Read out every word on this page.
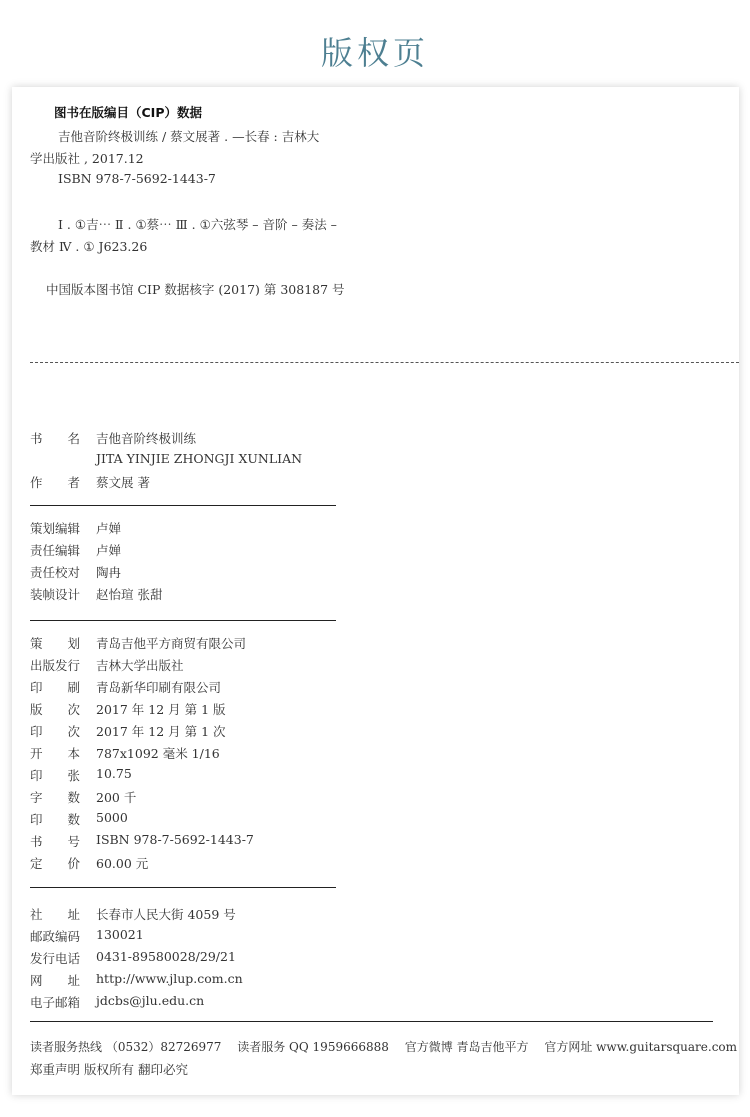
版权页
图书在版编目（CIP）数据
吉他音阶终极训练 / 蔡文展著 . —长春 : 吉林大
学出版社 , 2017.12
ISBN 978-7-5692-1443-7
Ⅰ . ①吉⋯ Ⅱ . ①蔡⋯ Ⅲ . ①六弦琴 – 音阶 – 奏法 –
教材 Ⅳ . ① J623.26
中国版本图书馆 CIP 数据核字 (2017) 第 308187 号
书　　名 吉他音阶终极训练
JITA YINJIE ZHONGJI XUNLIAN
作　　者 蔡文展 著
策划编辑 卢婵
责任编辑 卢婵
责任校对 陶冉
装帧设计 赵怡瑄 张甜
策　　划 青岛吉他平方商贸有限公司
出版发行 吉林大学出版社
印　　刷 青岛新华印刷有限公司
版　　次 2017 年 12 月 第 1 版
印　　次 2017 年 12 月 第 1 次
开　　本 787x1092 毫米 1/16
印　　张 10.75
字　　数 200 千
印　　数 5000
书　　号 ISBN 978-7-5692-1443-7
定　　价 60.00 元
社　　址 长春市人民大街 4059 号
邮政编码 130021
发行电话 0431-89580028/29/21
网　　址 http://www.jlup.com.cn
电子邮箱 jdcbs@jlu.edu.cn
读者服务热线 （0532）82726977　 读者服务 QQ 1959666888　 官方微博 青岛吉他平方　 官方网址 www.guitarsquare.com
郑重声明 版权所有 翻印必究
